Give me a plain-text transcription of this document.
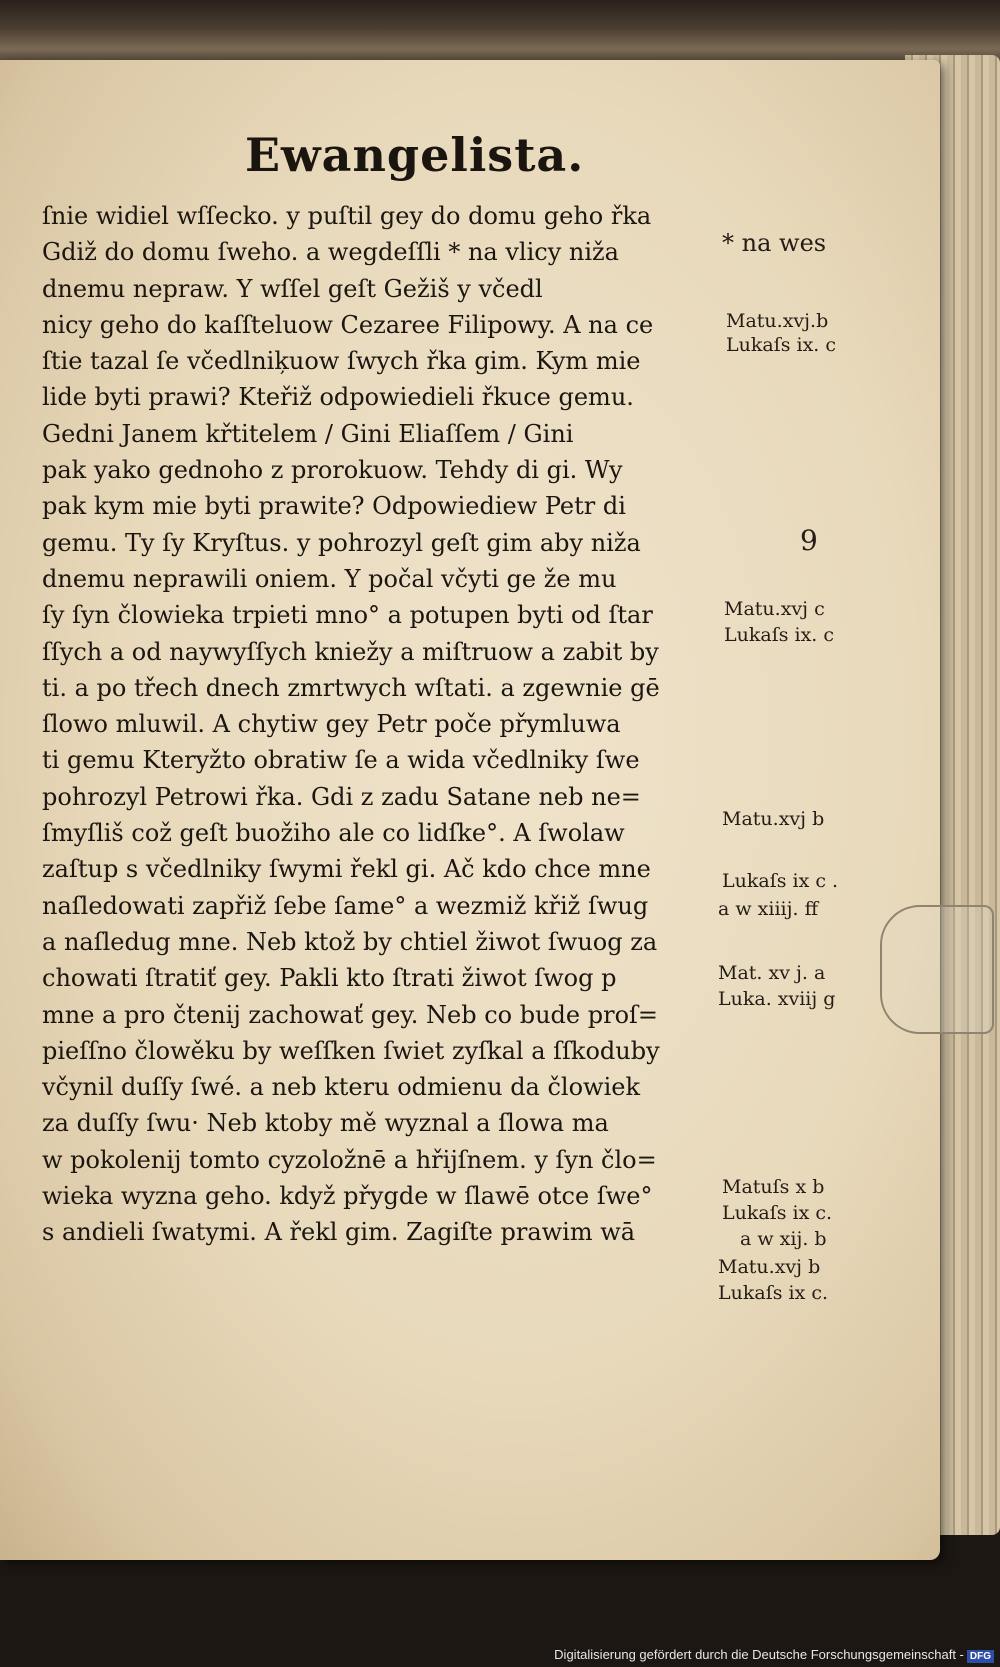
Ewangelista.
ſnie widiel wſſecko. y puſtil gey do domu geho řka
Gdiž do domu ſweho. a wegdeſſli * na vlicy niža
dnemu nepraw. Y wſſel geſt Gežiš y včedl
nicy geho do kaſſteluow Cezaree Filipowy. A na ce
ſtie tazal ſe včedlniķuow ſwych řka gim. Kym mie
lide byti prawi? Kteřiž odpowiedieli řkuce gemu.
Gedni Janem křtitelem / Gini Eliaſſem / Gini
pak yako gednoho z prorokuow. Tehdy di gi. Wy
pak kym mie byti prawite? Odpowiediew Petr di
gemu. Ty ſy Kryſtus. y pohrozyl geſt gim aby niža
dnemu neprawili oniem. Y počal včyti ge že mu
ſy ſyn člowieka trpieti mno° a potupen byti od ſtar
ſſych a od naywyſſych kniežy a miſtruow a zabit by
ti. a po třech dnech zmrtwych wſtati. a zgewnie gē
ſlowo mluwil. A chytiw gey Petr poče přymluwa
ti gemu Kteryžto obratiw ſe a wida včedlniky ſwe
pohrozyl Petrowi řka. Gdi z zadu Satane neb ne=
ſmyſliš což geſt buožiho ale co lidſke°. A ſwolaw
zaſtup s včedlniky ſwymi řekl gi. Ač kdo chce mne
naſledowati zapřiž ſebe ſame° a wezmiž křiž ſwug
a naſledug mne. Neb ktož by chtiel žiwot ſwuog za
chowati ſtratiť gey. Pakli kto ſtrati žiwot ſwog p
mne a pro čtenij zachowať gey. Neb co bude proſ=
pieſſno člowěku by weſſken ſwiet zyſkal a ſſkoduby
včynil duſſy ſwé. a neb kteru odmienu da člowiek
za duſſy ſwu· Neb ktoby mě wyznal a ſlowa ma
w pokolenij tomto cyzoložnē a hřijſnem. y ſyn člo=
wieka wyzna geho. když přygde w ſlawē otce ſwe°
s andieli ſwatymi. A řekl gim. Zagiſte prawim wā
* na wes
Matu.xvj.b
Lukaſs ix. c
9
Matu.xvj c
Lukaſs ix. c
Matu.xvj b
Lukaſs ix c .
a w xiiij. ff
Mat. xv j. a
Luka. xviij g
Matuſs x b
Lukaſs ix c.
a w xij. b
Matu.xvj b
Lukaſs ix c.
Digitalisierung gefördert durch die Deutsche Forschungsgemeinschaft - DFG
